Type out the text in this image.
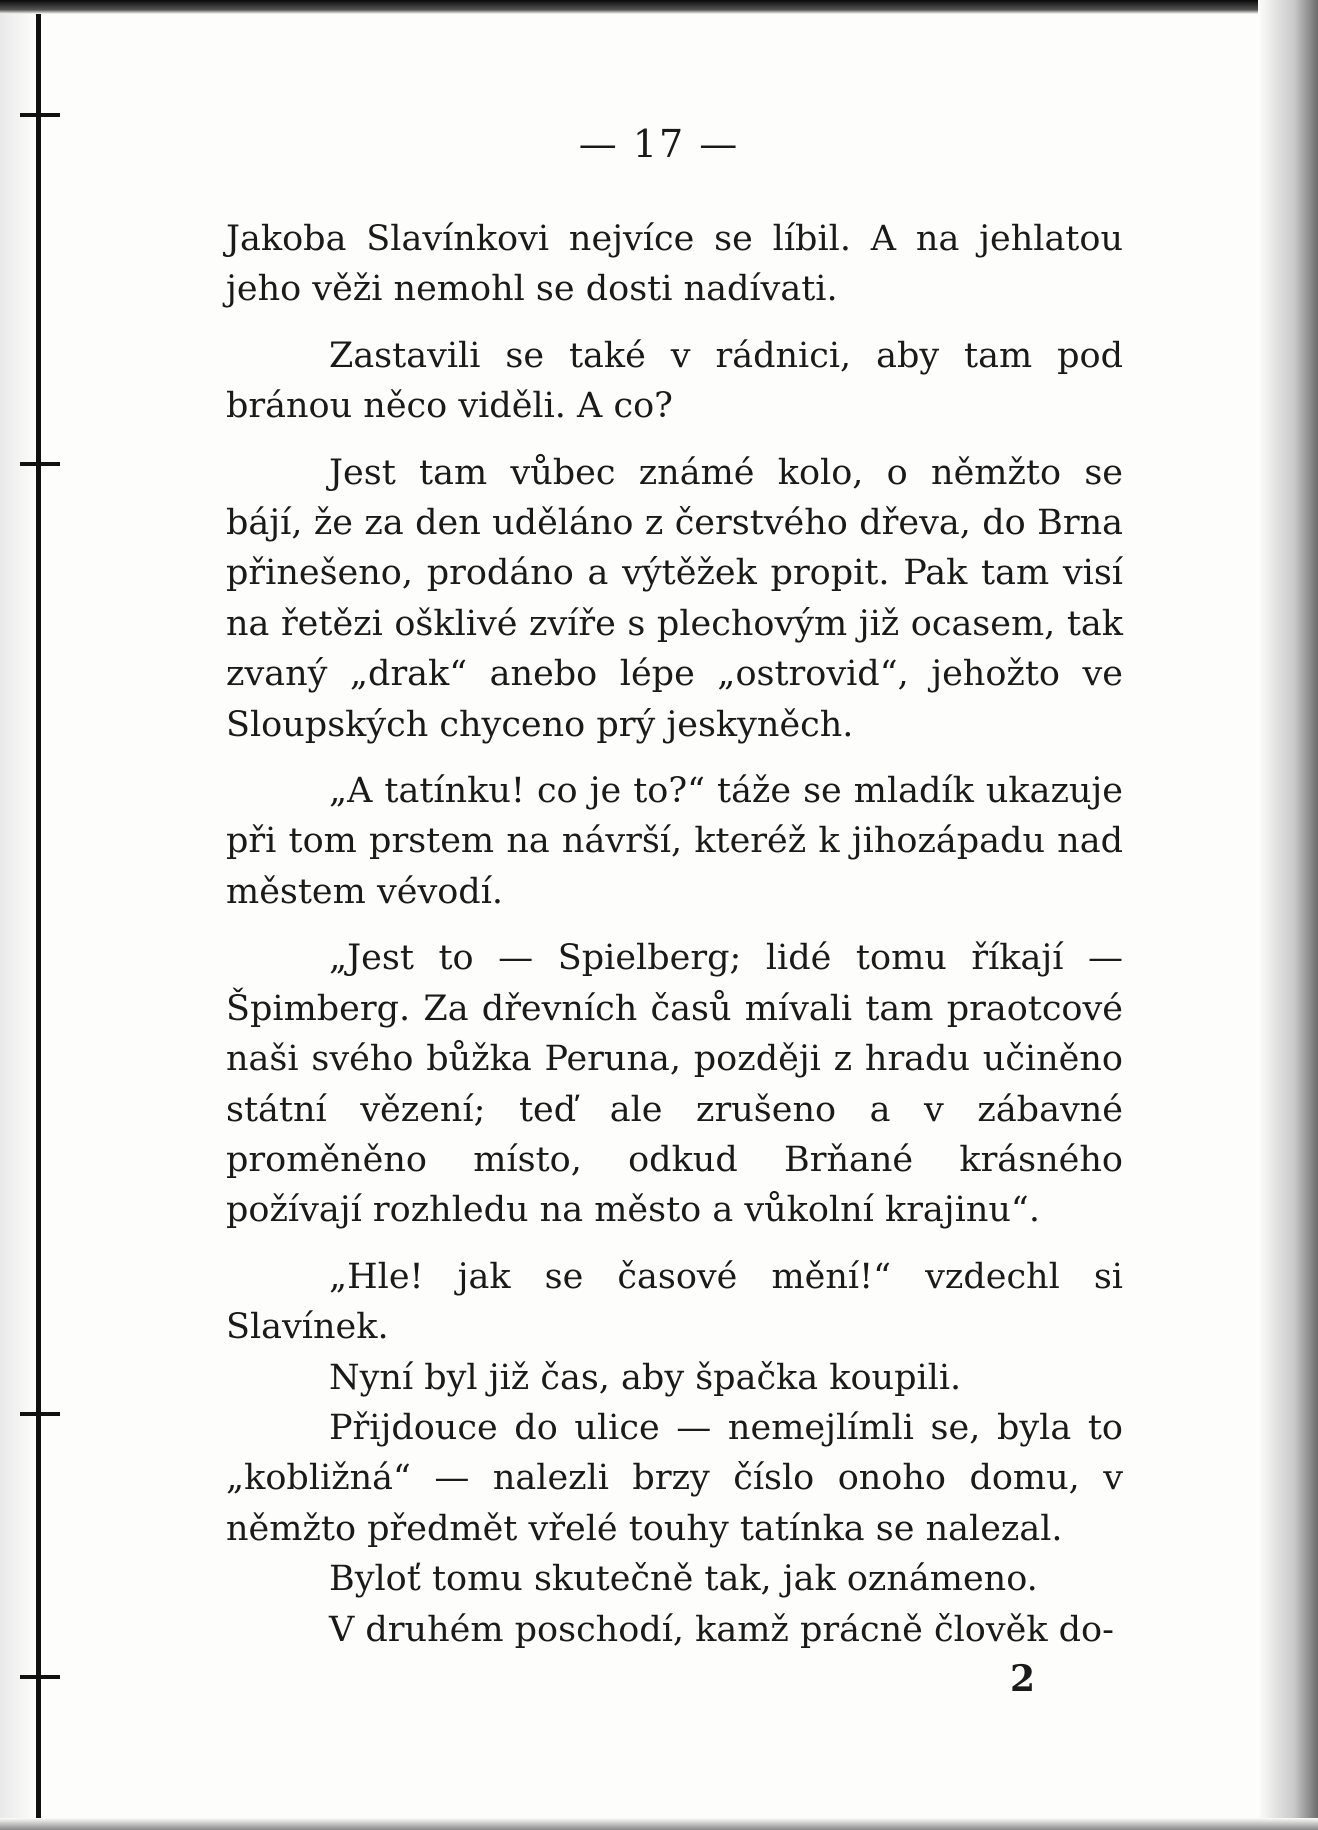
— 17 —

Jakoba Slavínkovi nejvíce se líbil. A na jehlatou jeho věži nemohl se dosti nadívati.

Zastavili se také v rádnici, aby tam pod bránou něco viděli. A co?

Jest tam vůbec známé kolo, o němžto se bájí, že za den uděláno z čerstvého dřeva, do Brna přinešeno, prodáno a výtěžek propit. Pak tam visí na řetězi ošklivé zvíře s plechovým již ocasem, tak zvaný „drak“ anebo lépe „ostrovid“, jehožto ve Sloupských chyceno prý jeskyněch.

„A tatínku! co je to?“ táže se mladík ukazuje při tom prstem na návrší, kteréž k jihozápadu nad městem vévodí.

„Jest to — Spielberg; lidé tomu říkají — Špimberg. Za dřevních časů mívali tam praotcové naši svého bůžka Peruna, později z hradu učiněno státní vězení; teď ale zrušeno a v zábavné proměněno místo, odkud Brňané krásného požívají rozhledu na město a vůkolní krajinu“.

„Hle! jak se časové mění!“ vzdechl si Slavínek.

Nyní byl již čas, aby špačka koupili.

Přijdouce do ulice — nemejlímli se, byla to „kobližná“ — nalezli brzy číslo onoho domu, v němžto předmět vřelé touhy tatínka se nalezal.

Byloť tomu skutečně tak, jak oznámeno.

V druhém poschodí, kamž prácně člověk do-

2
